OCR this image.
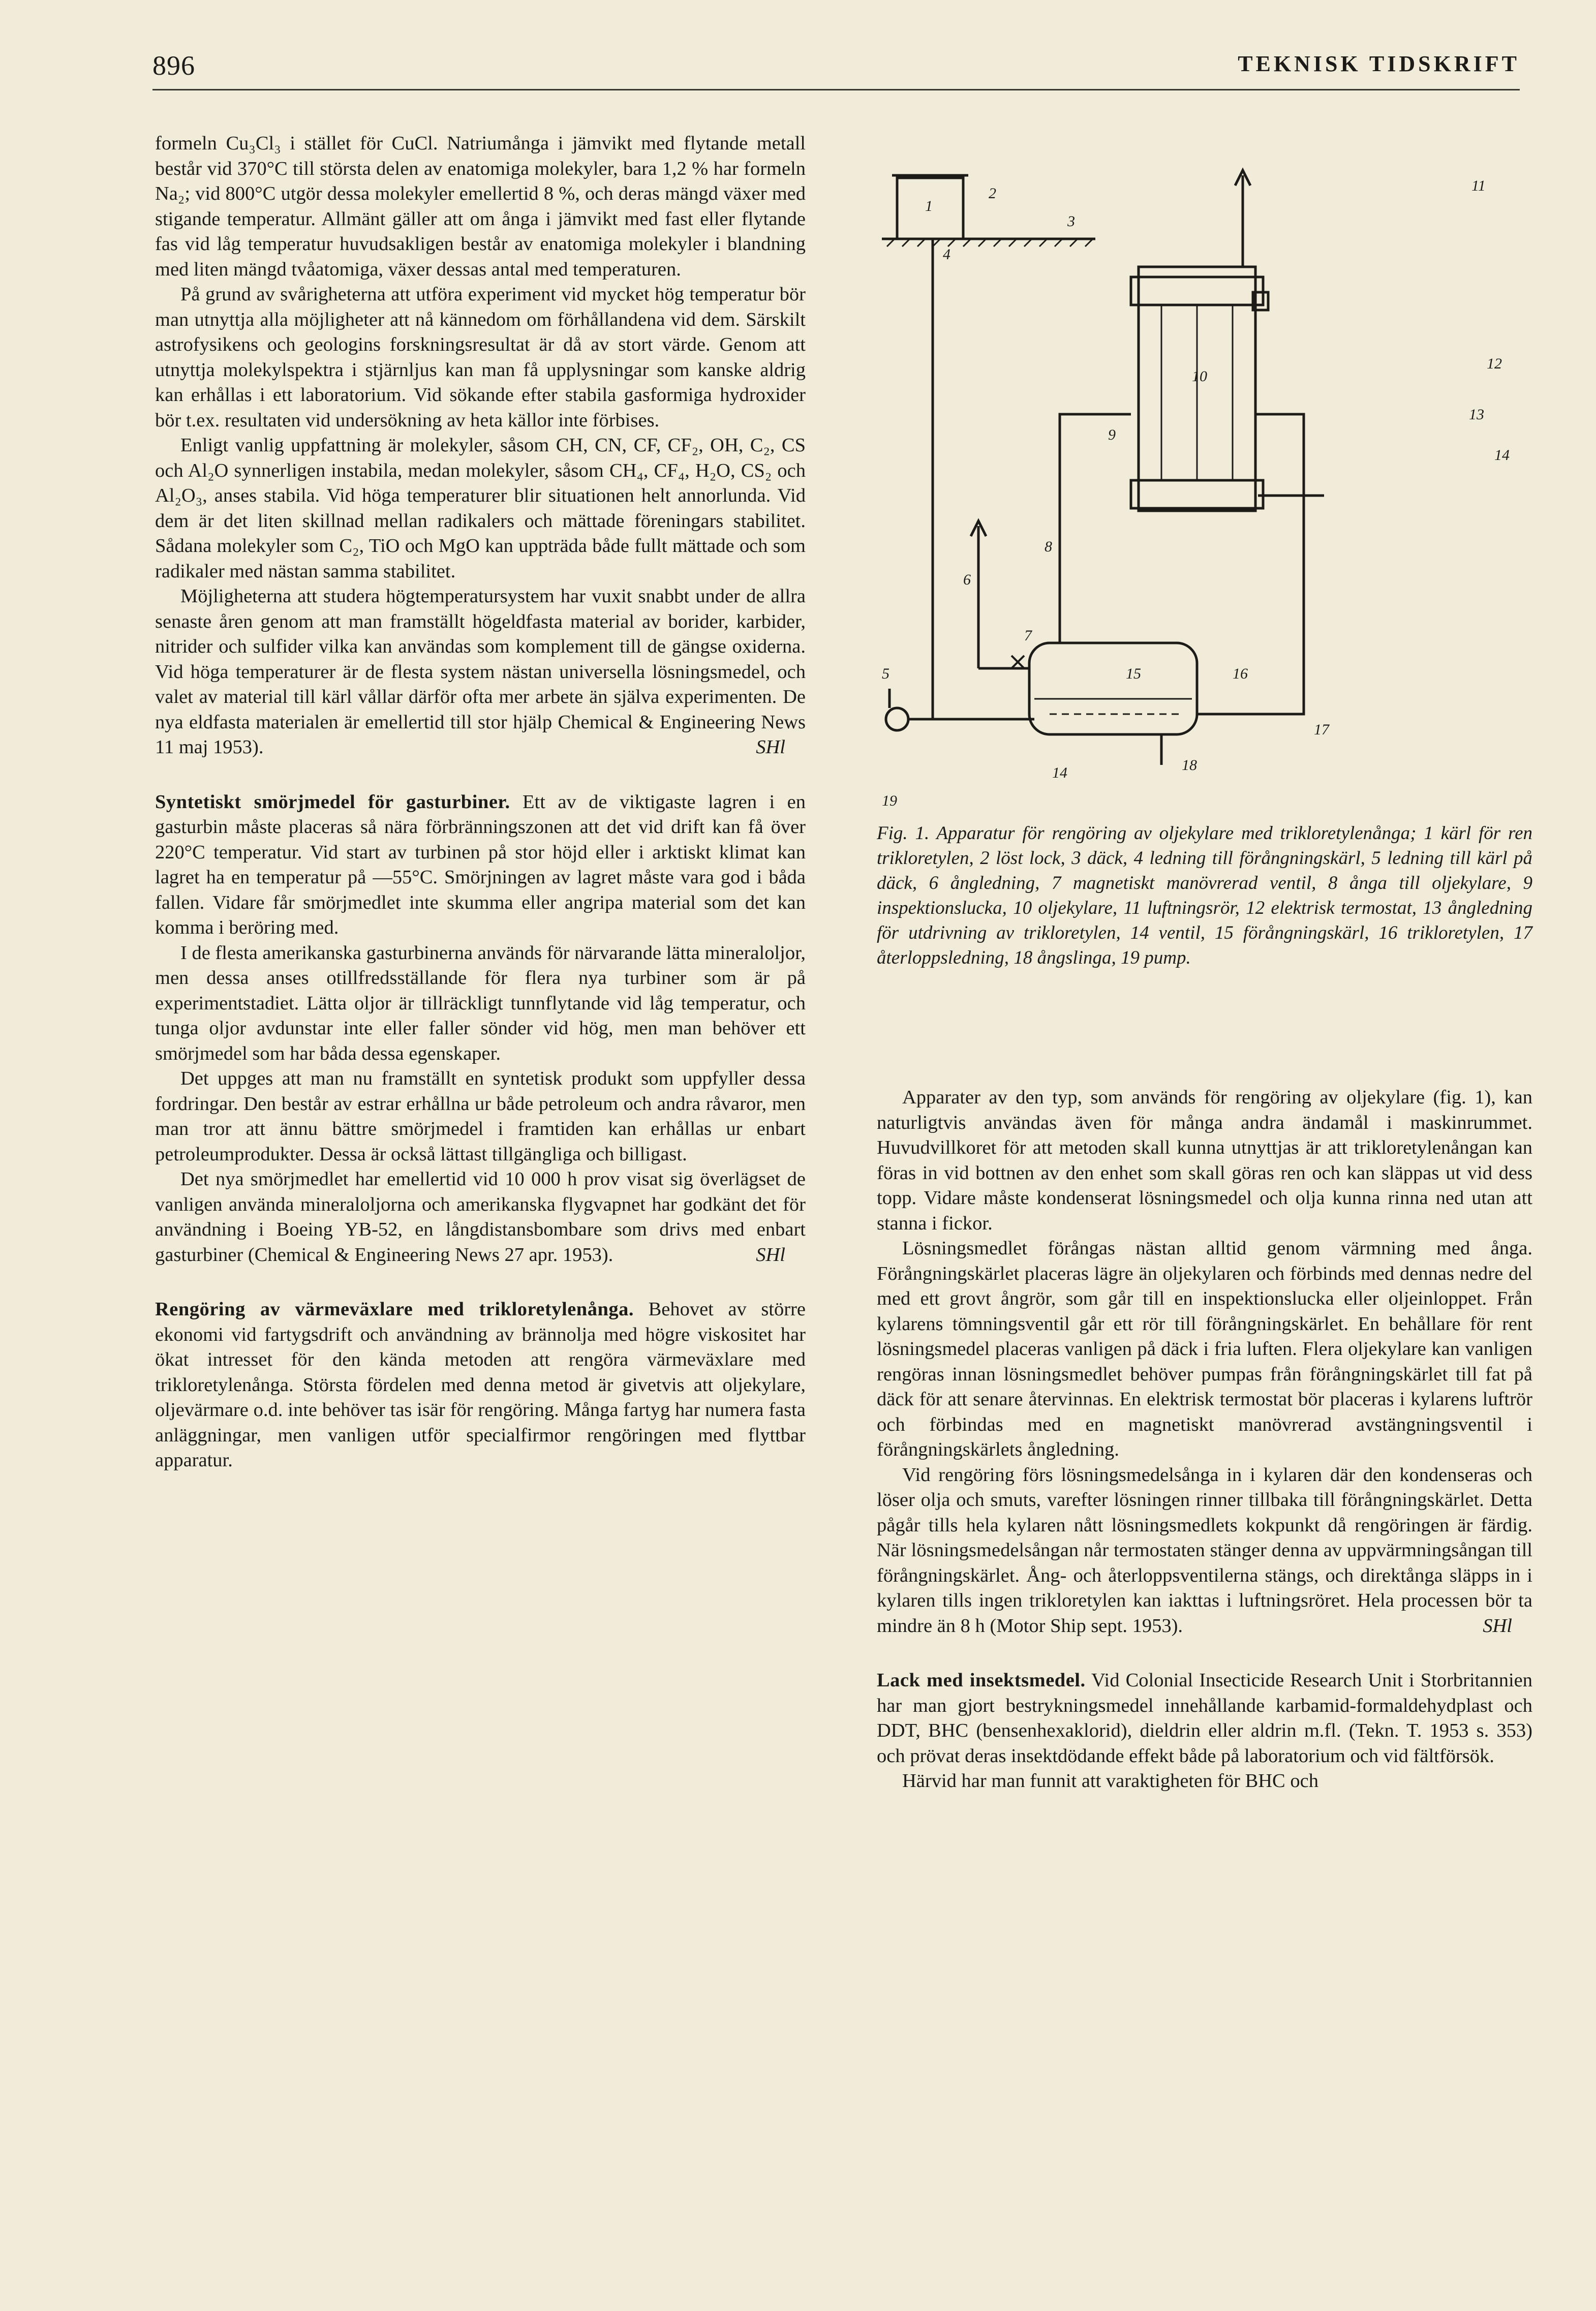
896	TEKNISK TIDSKRIFT

formeln Cu₃Cl₃ i stället för CuCl. Natriumånga i jämvikt med flytande metall består vid 370°C till största delen av enatomiga molekyler, bara 1,2 % har formeln Na₂; vid 800°C utgör dessa molekyler emellertid 8 %, och deras mängd växer med stigande temperatur. Allmänt gäller att om ånga i jämvikt med fast eller flytande fas vid låg temperatur huvudsakligen består av enatomiga molekyler i blandning med liten mängd tvåatomiga, växer dessas antal med temperaturen.

På grund av svårigheterna att utföra experiment vid mycket hög temperatur bör man utnyttja alla möjligheter att nå kännedom om förhållandena vid dem. Särskilt astrofysikens och geologins forskningsresultat är då av stort värde. Genom att utnyttja molekylspektra i stjärnljus kan man få upplysningar som kanske aldrig kan erhållas i ett laboratorium. Vid sökande efter stabila gasformiga hydroxider bör t.ex. resultaten vid undersökning av heta källor inte förbises.

Enligt vanlig uppfattning är molekyler, såsom CH, CN, CF, CF₂, OH, C₂, CS och Al₂O synnerligen instabila, medan molekyler, såsom CH₄, CF₄, H₂O, CS₂ och Al₂O₃, anses stabila. Vid höga temperaturer blir situationen helt annorlunda. Vid dem är det liten skillnad mellan radikalers och mättade föreningars stabilitet. Sådana molekyler som C₂, TiO och MgO kan uppträda både fullt mättade och som radikaler med nästan samma stabilitet.

Möjligheterna att studera högtemperatursystem har vuxit snabbt under de allra senaste åren genom att man framställt högeldfasta material av borider, karbider, nitrider och sulfider vilka kan användas som komplement till de gängse oxiderna. Vid höga temperaturer är de flesta system nästan universella lösningsmedel, och valet av material till kärl vållar därför ofta mer arbete än själva experimenten. De nya eldfasta materialen är emellertid till stor hjälp Chemical & Engineering News 11 maj 1953).	SHl

Syntetiskt smörjmedel för gasturbiner. Ett av de viktigaste lagren i en gasturbin måste placeras så nära förbränningszonen att det vid drift kan få över 220°C temperatur. Vid start av turbinen på stor höjd eller i arktiskt klimat kan lagret ha en temperatur på —55°C. Smörjningen av lagret måste vara god i båda fallen. Vidare får smörjmedlet inte skumma eller angripa material som det kan komma i beröring med.

I de flesta amerikanska gasturbinerna används för närvarande lätta mineraloljor, men dessa anses otillfredsställande för flera nya turbiner som är på experimentstadiet. Lätta oljor är tillräckligt tunnflytande vid låg temperatur, och tunga oljor avdunstar inte eller faller sönder vid hög, men man behöver ett smörjmedel som har båda dessa egenskaper.

Det uppges att man nu framställt en syntetisk produkt som uppfyller dessa fordringar. Den består av estrar erhållna ur både petroleum och andra råvaror, men man tror att ännu bättre smörjmedel i framtiden kan erhållas ur enbart petroleumprodukter. Dessa är också lättast tillgängliga och billigast.

Det nya smörjmedlet har emellertid vid 10 000 h prov visat sig överlägset de vanligen använda mineraloljorna och amerikanska flygvapnet har godkänt det för användning i Boeing YB-52, en långdistansbombare som drivs med enbart gasturbiner (Chemical & Engineering News 27 apr. 1953).	SHl

Rengöring av värmeväxlare med trikloretylenånga. Behovet av större ekonomi vid fartygsdrift och användning av brännolja med högre viskositet har ökat intresset för den kända metoden att rengöra värmeväxlare med trikloretylenånga. Största fördelen med denna metod är givetvis att oljekylare, oljevärmare o.d. inte behöver tas isär för rengöring. Många fartyg har numera fasta anläggningar, men vanligen utför specialfirmor rengöringen med flyttbar apparatur.

1
2
3
4
5
6
7
8
9
10
11
12
13
14
15	16
17
18
14
19
Fig. 1. Apparatur för rengöring av oljekylare med trikloretylenånga; 1 kärl för ren trikloretylen, 2 löst lock, 3 däck, 4 ledning till förångningskärl, 5 ledning till kärl på däck, 6 ångledning, 7 magnetiskt manövrerad ventil, 8 ånga till oljekylare, 9 inspektionslucka, 10 oljekylare, 11 luftningsrör, 12 elektrisk termostat, 13 ångledning för utdrivning av trikloretylen, 14 ventil, 15 förångningskärl, 16 trikloretylen, 17 återloppsledning, 18 ångslinga, 19 pump.

Apparater av den typ, som används för rengöring av oljekylare (fig. 1), kan naturligtvis användas även för många andra ändamål i maskinrummet. Huvudvillkoret för att metoden skall kunna utnyttjas är att trikloretylenångan kan föras in vid bottnen av den enhet som skall göras ren och kan släppas ut vid dess topp. Vidare måste kondenserat lösningsmedel och olja kunna rinna ned utan att stanna i fickor.

Lösningsmedlet förångas nästan alltid genom värmning med ånga. Förångningskärlet placeras lägre än oljekylaren och förbinds med dennas nedre del med ett grovt ångrör, som går till en inspektionslucka eller oljeinloppet. Från kylarens tömningsventil går ett rör till förångningskärlet. En behållare för rent lösningsmedel placeras vanligen på däck i fria luften. Flera oljekylare kan vanligen rengöras innan lösningsmedlet behöver pumpas från förångningskärlet till fat på däck för att senare återvinnas. En elektrisk termostat bör placeras i kylarens luftrör och förbindas med en magnetiskt manövrerad avstängningsventil i förångningskärlets ångledning.

Vid rengöring förs lösningsmedelsånga in i kylaren där den kondenseras och löser olja och smuts, varefter lösningen rinner tillbaka till förångningskärlet. Detta pågår tills hela kylaren nått lösningsmedlets kokpunkt då rengöringen är färdig. När lösningsmedelsångan når termostaten stänger denna av uppvärmningsångan till förångningskärlet. Ång- och återloppsventilerna stängs, och direktånga släpps in i kylaren tills ingen trikloretylen kan iakttas i luftningsröret. Hela processen bör ta mindre än 8 h (Motor Ship sept. 1953).	SHl

Lack med insektsmedel. Vid Colonial Insecticide Research Unit i Storbritannien har man gjort bestrykningsmedel innehållande karbamid-formaldehydplast och DDT, BHC (bensenhexaklorid), dieldrin eller aldrin m.fl. (Tekn. T. 1953 s. 353) och prövat deras insektdödande effekt både på laboratorium och vid fältförsök.

Härvid har man funnit att varaktigheten för BHC och
